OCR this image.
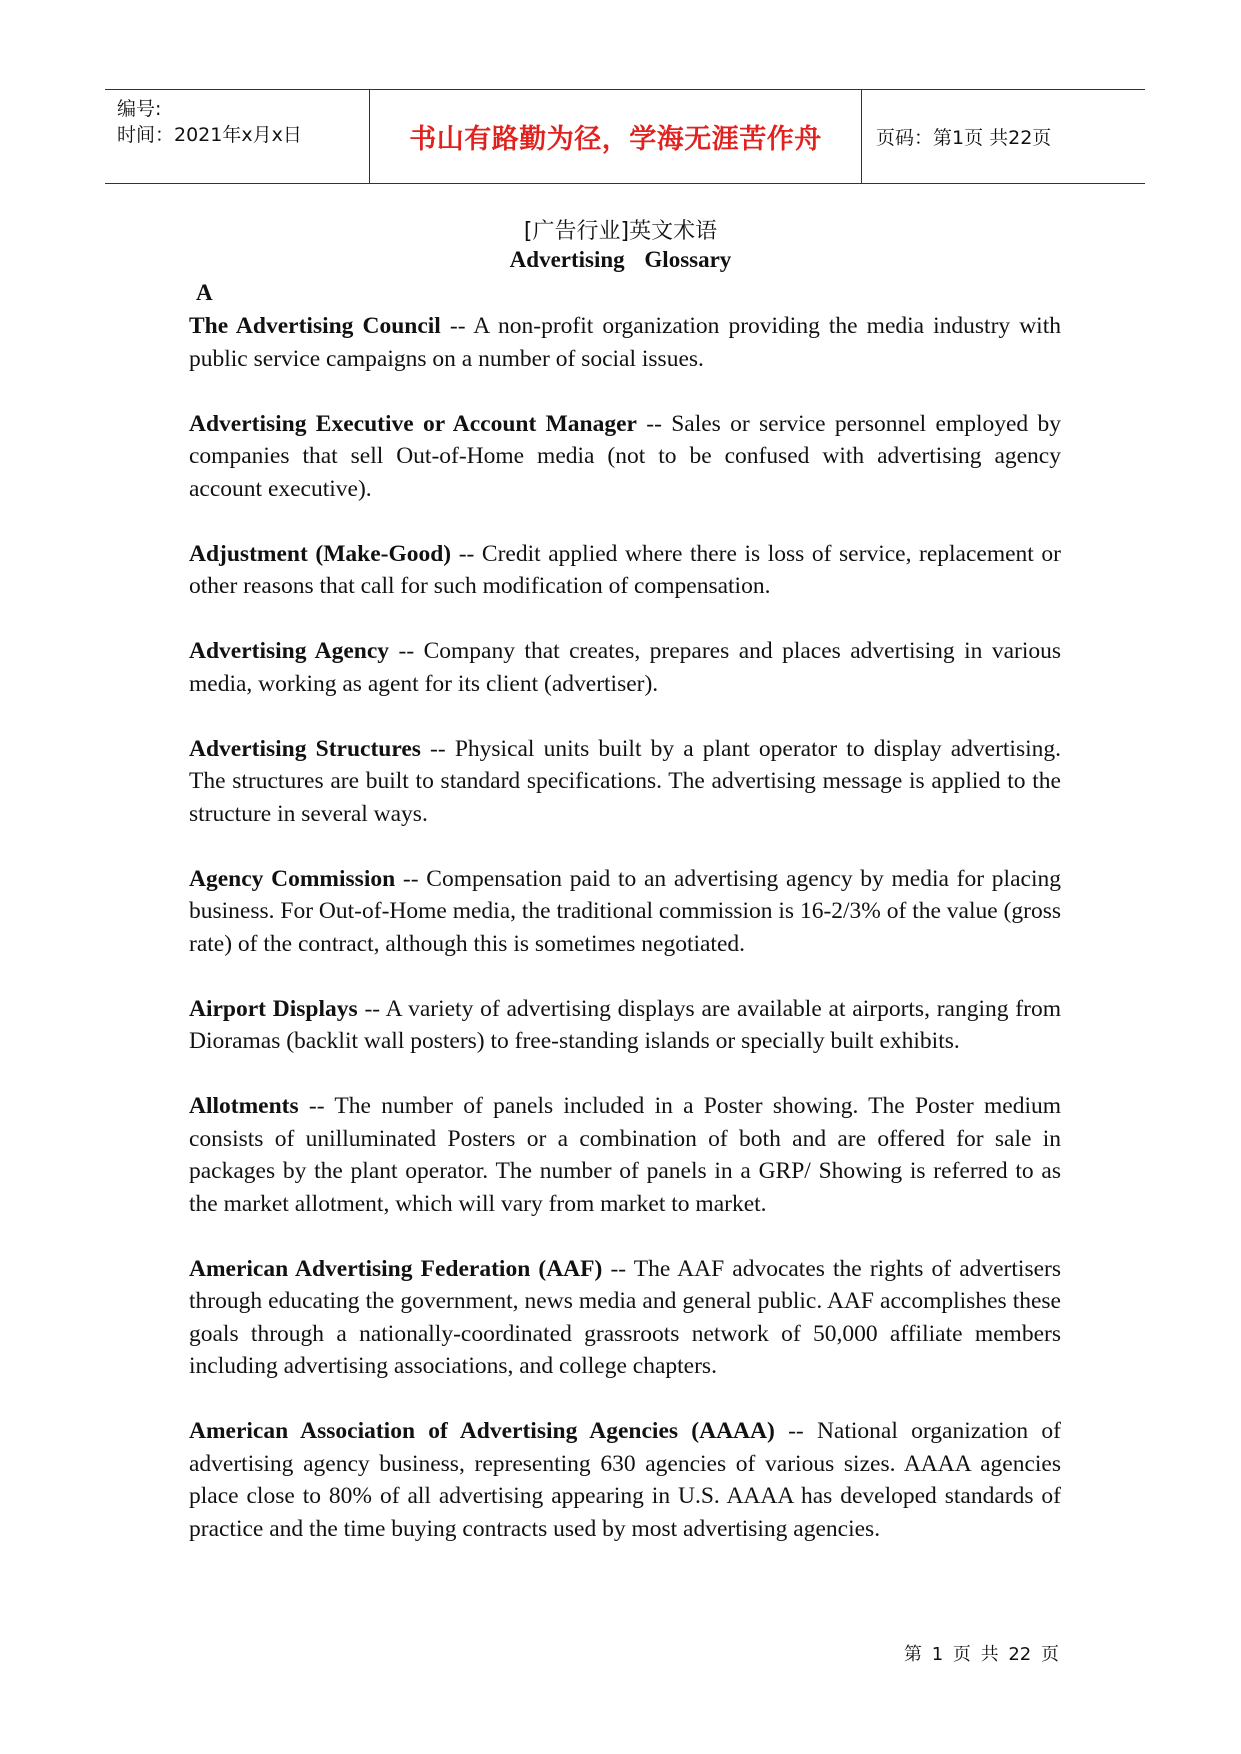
编号:
时间：2021年x月x日	书山有路勤为径，学海无涯苦作舟	页码：第1页 共22页
[广告行业]英文术语
Advertising Glossary
A

The Advertising Council -- A non-profit organization providing the media industry with public service campaigns on a number of social issues.

Advertising Executive or Account Manager -- Sales or service personnel employed by companies that sell Out-of-Home media (not to be confused with advertising agency account executive).

Adjustment (Make-Good) -- Credit applied where there is loss of service, replacement or other reasons that call for such modification of compensation.

Advertising Agency -- Company that creates, prepares and places advertising in various media, working as agent for its client (advertiser).

Advertising Structures -- Physical units built by a plant operator to display advertising. The structures are built to standard specifications. The advertising message is applied to the structure in several ways.

Agency Commission -- Compensation paid to an advertising agency by media for placing business. For Out-of-Home media, the traditional commission is 16-2/3% of the value (gross rate) of the contract, although this is sometimes negotiated.

Airport Displays -- A variety of advertising displays are available at airports, ranging from Dioramas (backlit wall posters) to free-standing islands or specially built exhibits.

Allotments -- The number of panels included in a Poster showing. The Poster medium consists of unilluminated Posters or a combination of both and are offered for sale in packages by the plant operator. The number of panels in a GRP/ Showing is referred to as the market allotment, which will vary from market to market.

American Advertising Federation (AAF) -- The AAF advocates the rights of advertisers through educating the government, news media and general public. AAF accomplishes these goals through a nationally-coordinated grassroots network of 50,000 affiliate members including advertising associations, and college chapters.

American Association of Advertising Agencies (AAAA) -- National organization of advertising agency business, representing 630 agencies of various sizes. AAAA agencies place close to 80% of all advertising appearing in U.S. AAAA has developed standards of practice and the time buying contracts used by most advertising agencies.

第 1 页 共 22 页
